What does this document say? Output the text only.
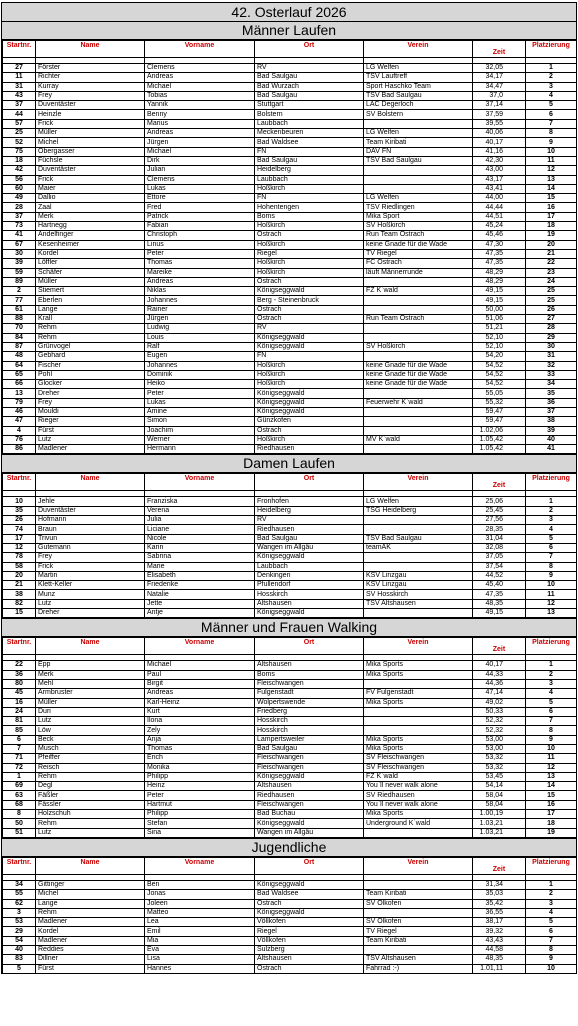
42. Osterlauf 2026
Männer Laufen
Startnr.	Name	Vorname	Ort	Verein	Zeit	Platzierung

27	Förster	Clemens	RV	LG Welfen	32,05	1
11	Richter	Andreas	Bad Saulgau	TSV Lauftreff	34,17	2
31	Kurray	Michael	Bad Wurzach	Sport Haschko Team	34,47	3
43	Frey	Tobias	Bad Saulgau	TSV Bad Saulgau	37,0	4
37	Duventäster	Yannik	Stuttgart	LAC Degerloch	37,14	5
44	Heinzle	Benny	Bolstern	SV Bolstern	37,59	6
57	Frick	Marius	Laubbach		39,55	7
25	Müller	Andreas	Meckenbeuren	LG Welfen	40,06	8
52	Michel	Jürgen	Bad Waldsee	Team Kiribati	40,17	9
75	Obergasser	Michael	FN	DAV FN	41,16	10
18	Füchsle	Dirk	Bad Saulgau	TSV Bad Saulgau	42,30	11
42	Duventäster	Julian	Heidelberg		43,00	12
56	Frick	Clemens	Laubbach		43,17	13
60	Maier	Lukas	Hoßkirch		43,41	14
49	Dallio	Ettore	FN	LG Welfen	44,00	15
28	Zaal	Fred	Hohentengen	TSV Riedlingen	44,44	16
37	Merk	Patrick	Boms	Mika Sport	44,51	17
73	Hartnegg	Fabian	Hoßkirch	SV Hoßkirch	45,24	18
41	Andelfinger	Christoph	Ostrach	Run Team Ostrach	45,46	19
67	Kesenheimer	Linus	Hoßkirch	keine Gnade für die Wade	47,30	20
30	Kordel	Peter	Riegel	TV Riegel	47,35	21
39	Löffler	Thomas	Hoßkirch	FC Ostrach	47,35	22
59	Schäfer	Mareike	Hoßkirch	läuft Männerrunde	48,29	23
89	Müller	Andreas	Ostrach		48,29	24
2	Stiemert	Niklas	Königseggwald	FZ K`wald	49,15	25
77	Eberlen	Johannes	Berg - Steinenbruck		49,15	25
61	Lange	Rainer	Ostrach		50,00	26
88	Krall	Jürgen	Ostrach	Run Team Ostrach	51,06	27
70	Rehm	Ludwig	RV		51,21	28
84	Rehm	Louis	Königseggwald		52,10	29
87	Grünvogel	Ralf	Königseggwald	SV Hoßkirch	52,10	30
48	Gebhard	Eugen	FN		54,20	31
64	Fischer	Johannes	Hoßkirch	keine Gnade für die Wade	54,52	32
65	Pohl	Dominik	Hoßkirch	keine Gnade für die Wade	54,52	33
66	Glocker	Heiko	Hoßkirch	keine Gnade für die Wade	54,52	34
13	Dreher	Peter	Königseggwald		55,05	35
79	Frey	Lukas	Königseggwald	Feuerwehr K`wald	55,32	36
46	Mouldi	Amine	Königseggwald		59,47	37
47	Rieger	Simon	Günzkofen		59,47	38
4	Fürst	Joachim	Ostrach		1.02,06	39
76	Lutz	Werner	Hoßkirch	MV K`wald	1.05,42	40
86	Madlener	Hermann	Riedhausen		1.05,42	41
Damen Laufen
Startnr.	Name	Vorname	Ort	Verein	Zeit	Platzierung

10	Jehle	Franziska	Fronhofen	LG Welfen	25,06	1
35	Duventäster	Verena	Heidelberg	TSG Heidelberg	25,45	2
26	Hofmann	Julia	RV		27,56	3
74	Braun	Liciane	Riedhausen		28,35	4
17	Trivun	Nicole	Bad Saulgau	TSV Bad Saulgau	31,04	5
12	Gutemann	Karin	Wangen im Allgäu	teamAK	32,08	6
78	Frey	Sabrina	Königseggwald		37,05	7
58	Frick	Marie	Laubbach		37,54	8
20	Martin	Elisabeth	Denkingen	KSV Linzgau	44,52	9
21	Klett-Keller	Friederike	Pfullendorf	KSV Linzgau	45,40	10
38	Munz	Natalie	Hosskirch	SV Hosskirch	47,35	11
82	Lutz	Jette	Altshausen	TSV Altshausen	48,35	12
15	Dreher	Antje	Königseggwald		49,15	13
Männer und Frauen Walking
Startnr.	Name	Vorname	Ort	Verein	Zeit	Platzierung

22	Epp	Michael	Altshausen	Mika Sports	40,17	1
36	Merk	Paul	Boms	Mika Sports	44,33	2
80	Mehl	Birgit	Fleischwangen		44,36	3
45	Armbruster	Andreas	Fulgenstadt	FV Fulgenstadt	47,14	4
16	Müller	Karl-Heinz	Wolpertswende	Mika Sports	49,02	5
24	Duri	Kurt	Friedberg		50,33	6
81	Lutz	Ilona	Hosskirch		52,32	7
85	Löw	Zely	Hosskirch		52,32	8
6	Beck	Anja	Lampertsweiler	Mika Sports	53,00	9
7	Musch	Thomas	Bad Saulgau	Mika Sports	53,00	10
71	Pfeiffer	Erich	Fleischwangen	SV Fleischwangen	53,32	11
72	Reisch	Monika	Fleischwangen	SV Fleischwangen	53,32	12
1	Rehm	Philipp	Königseggwald	FZ K`wald	53,45	13
69	Degl	Heinz	Altshausen	You`ll never walk alone	54,14	14
63	Fäßler	Peter	Riedhausen	SV Riedhausen	58,04	15
68	Fässler	Hartmut	Fleischwangen	You`ll never walk alone	58,04	16
8	Holzschuh	Philipp	Bad Buchau	Mika Sports	1.00,19	17
50	Rehm	Stefan	Königseggwald	Underground K`wald	1.03,21	18
51	Lutz	Sina	Wangen im Allgäu		1.03,21	19
Jugendliche
Startnr.	Name	Vorname	Ort	Verein	Zeit	Platzierung

34	Gittinger	Ben	Königseggwald		31,34	1
55	Michel	Jonas	Bad Waldsee	Team Kiribati	35,03	2
62	Lange	Joleen	Ostrach	SV Ölkofen	35,42	3
3	Rehm	Matteo	Königseggwald		36,55	4
53	Madlener	Lea	Völlkofen	SV Ölkofen	38,17	5
29	Kordel	Emil	Riegel	TV Riegel	39,32	6
54	Madlener	Mia	Völlkofen	Team Kiribati	43,43	7
40	Reddies	Eva	Sulzberg		44,58	8
83	Dillner	Lisa	Altshausen	TSV Altshausen	48,35	9
5	Fürst	Hannes	Ostrach	Fahrrad :-)	1.01,11	10
